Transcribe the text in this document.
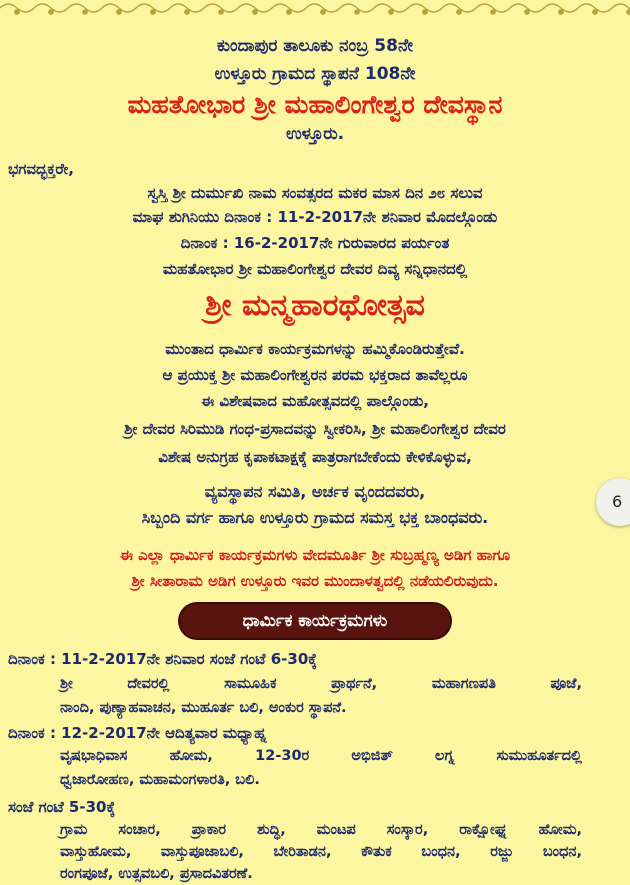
ಕುಂದಾಪುರ ತಾಲೂಕು ನಂಬ್ರ 58ನೇ
ಉಳ್ತೂರು ಗ್ರಾಮದ ಸ್ಥಾಪನೆ 108ನೇ
ಮಹತೋಭಾರ ಶ್ರೀ ಮಹಾಲಿಂಗೇಶ್ವರ ದೇವಸ್ಥಾನ
ಉಳ್ತೂರು.
ಭಗವದ್ಭಕ್ತರೇ,
ಸ್ವಸ್ತಿ ಶ್ರೀ ದುರ್ಮುಖಿ ನಾಮ ಸಂವತ್ಸರದ ಮಕರ ಮಾಸ ದಿನ ೨೮ ಸಲುವ
ಮಾಘ ಶುಗಿನಿಯು ದಿನಾಂಕ : 11-2-2017ನೇ ಶನಿವಾರ ಮೊದಲ್ಗೊಂಡು
ದಿನಾಂಕ : 16-2-2017ನೇ ಗುರುವಾರದ ಪರ್ಯಂತ
ಮಹತೋಭಾರ ಶ್ರೀ ಮಹಾಲಿಂಗೇಶ್ವರ ದೇವರ ದಿವ್ಯ ಸನ್ನಿಧಾನದಲ್ಲಿ
ಶ್ರೀ ಮನ್ಮಹಾರಥೋತ್ಸವ
ಮುಂತಾದ ಧಾರ್ಮಿಕ ಕಾರ್ಯಕ್ರಮಗಳನ್ನು ಹಮ್ಮಿಕೊಂಡಿರುತ್ತೇವೆ.
ಆ ಪ್ರಯುಕ್ತ ಶ್ರೀ ಮಹಾಲಿಂಗೇಶ್ವರನ ಪರಮ ಭಕ್ತರಾದ ತಾವೆಲ್ಲರೂ
ಈ ವಿಶೇಷವಾದ ಮಹೋತ್ಸವದಲ್ಲಿ ಪಾಲ್ಗೊಂಡು,
ಶ್ರೀ ದೇವರ ಸಿರಿಮುಡಿ ಗಂಧ-ಪ್ರಸಾದವನ್ನು ಸ್ವೀಕರಿಸಿ, ಶ್ರೀ ಮಹಾಲಿಂಗೇಶ್ವರ ದೇವರ
ವಿಶೇಷ ಅನುಗ್ರಹ ಕೃಪಾಕಟಾಕ್ಷಕ್ಕೆ ಪಾತ್ರರಾಗಬೇಕೆಂದು ಕೇಳಿಕೊಳ್ಳುವ,
ವ್ಯವಸ್ಥಾಪನ ಸಮಿತಿ, ಅರ್ಚಕ ವೃಂದದವರು,
ಸಿಬ್ಬಂದಿ ವರ್ಗ ಹಾಗೂ ಉಳ್ತೂರು ಗ್ರಾಮದ ಸಮಸ್ತ ಭಕ್ತ ಬಾಂಧವರು.
ಈ ಎಲ್ಲಾ ಧಾರ್ಮಿಕ ಕಾರ್ಯಕ್ರಮಗಳು ವೇದಮೂರ್ತಿ ಶ್ರೀ ಸುಬ್ರಹ್ಮಣ್ಯ ಅಡಿಗ ಹಾಗೂ
ಶ್ರೀ ಸೀತಾರಾಮ ಅಡಿಗ ಉಳ್ತೂರು ಇವರ ಮುಂದಾಳತ್ವದಲ್ಲಿ ನಡೆಯಲಿರುವುದು.
ಧಾರ್ಮಿಕ ಕಾರ್ಯಕ್ರಮಗಳು
ದಿನಾಂಕ : 11-2-2017ನೇ ಶನಿವಾರ ಸಂಜೆ ಗಂಟೆ 6-30ಕ್ಕೆ
ಶ್ರೀ ದೇವರಲ್ಲಿ ಸಾಮೂಹಿಕ ಪ್ರಾರ್ಥನೆ, ಮಹಾಗಣಪತಿ ಪೂಜೆ,
ನಾಂದಿ, ಪುಣ್ಯಾಹವಾಚನ, ಮುಹೂರ್ತ ಬಲಿ, ಅಂಕುರ ಸ್ಥಾಪನೆ.
ದಿನಾಂಕ : 12-2-2017ನೇ ಆದಿತ್ಯವಾರ ಮಧ್ಯಾಹ್ನ
ವೃಷಭಾಧಿವಾಸ ಹೋಮ, 12-30ರ ಅಭಿಜಿತ್ ಲಗ್ನ ಸುಮುಹೂರ್ತದಲ್ಲಿ
ಧ್ವಜಾರೋಹಣ, ಮಹಾಮಂಗಳಾರತಿ, ಬಲಿ.
ಸಂಜೆ ಗಂಟೆ 5-30ಕ್ಕೆ
ಗ್ರಾಮ ಸಂಚಾರ, ಪ್ರಾಕಾರ ಶುದ್ಧಿ, ಮಂಟಪ ಸಂಸ್ಕಾರ, ರಾಕ್ಷೋಘ್ನ ಹೋಮ,
ವಾಸ್ತುಹೋಮ, ವಾಸ್ತುಪೂಜಾಬಲಿ, ಬೇರಿತಾಡನ, ಕೌತುಕ ಬಂಧನ, ರಜ್ಜು ಬಂಧನ,
ರಂಗಪೂಜೆ, ಉತ್ಸವಬಲಿ, ಪ್ರಸಾದವಿತರಣೆ.
6
